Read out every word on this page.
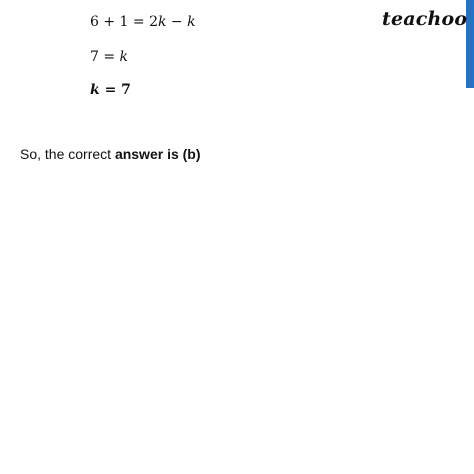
teachoo
6 + 1 = 2k − k
7 = k
k = 7
So, the correct answer is (b)
